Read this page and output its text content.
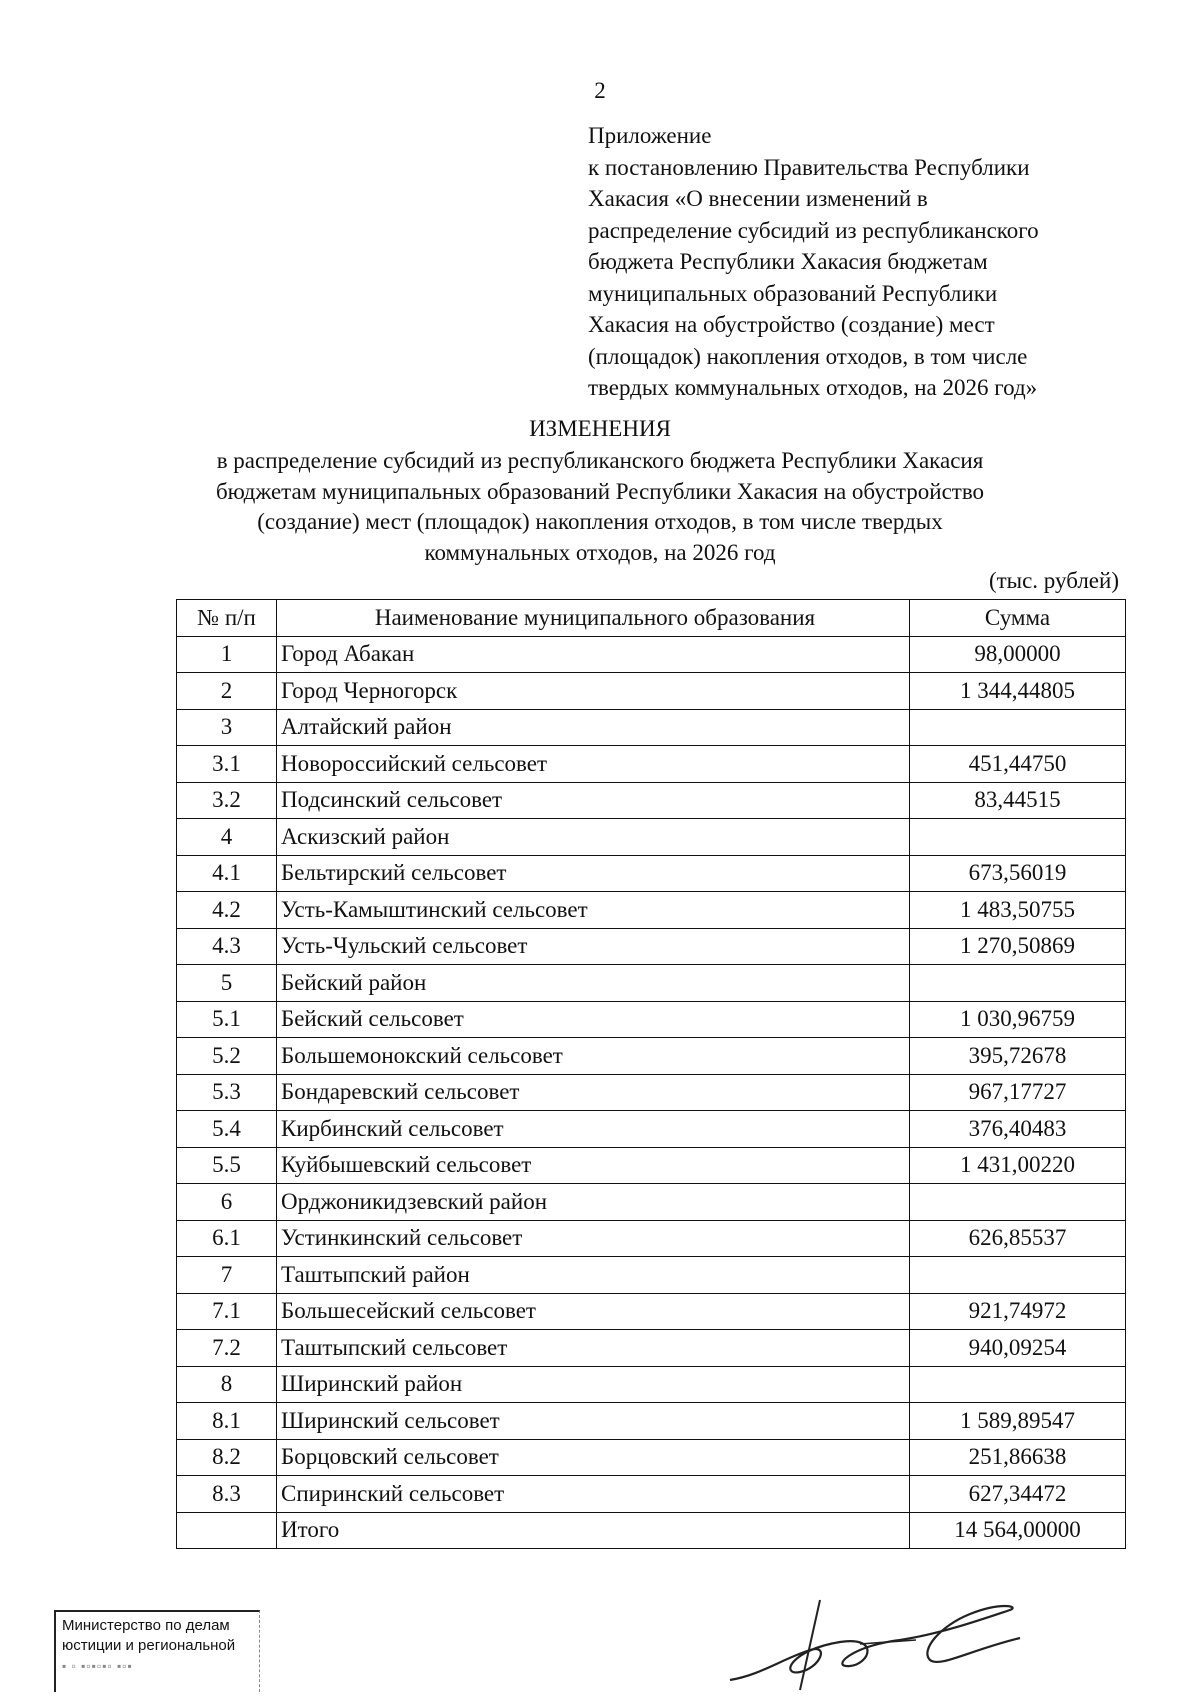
2
Приложение
к постановлению Правительства Республики
Хакасия «О внесении изменений в
распределение субсидий из республиканского
бюджета Республики Хакасия бюджетам
муниципальных образований Республики
Хакасия на обустройство (создание) мест
(площадок) накопления отходов, в том числе
твердых коммунальных отходов, на 2026 год»
ИЗМЕНЕНИЯ
в распределение субсидий из республиканского бюджета Республики Хакасия
бюджетам муниципальных образований Республики Хакасия на обустройство
(создание) мест (площадок) накопления отходов, в том числе твердых
коммунальных отходов, на 2026 год
(тыс. рублей)
№ п/п	Наименование муниципального образования	Сумма
1	Город Абакан	98,00000
2	Город Черногорск	1 344,44805
3	Алтайский район	
3.1	Новороссийский сельсовет	451,44750
3.2	Подсинский сельсовет	83,44515
4	Аскизский район	
4.1	Бельтирский сельсовет	673,56019
4.2	Усть-Камыштинский сельсовет	1 483,50755
4.3	Усть-Чульский сельсовет	1 270,50869
5	Бейский район	
5.1	Бейский сельсовет	1 030,96759
5.2	Большемонокский сельсовет	395,72678
5.3	Бондаревский сельсовет	967,17727
5.4	Кирбинский сельсовет	376,40483
5.5	Куйбышевский сельсовет	1 431,00220
6	Орджоникидзевский район	
6.1	Устинкинский сельсовет	626,85537
7	Таштыпский район	
7.1	Большесейский сельсовет	921,74972
7.2	Таштыпский сельсовет	940,09254
8	Ширинский район	
8.1	Ширинский сельсовет	1 589,89547
8.2	Борцовский сельсовет	251,86638
8.3	Спиринский сельсовет	627,34472
	Итого	14 564,00000
Министерство по делам
юстиции и региональной
▪ ▫ ▪▫▪▫▪▫ ▪▫▪
